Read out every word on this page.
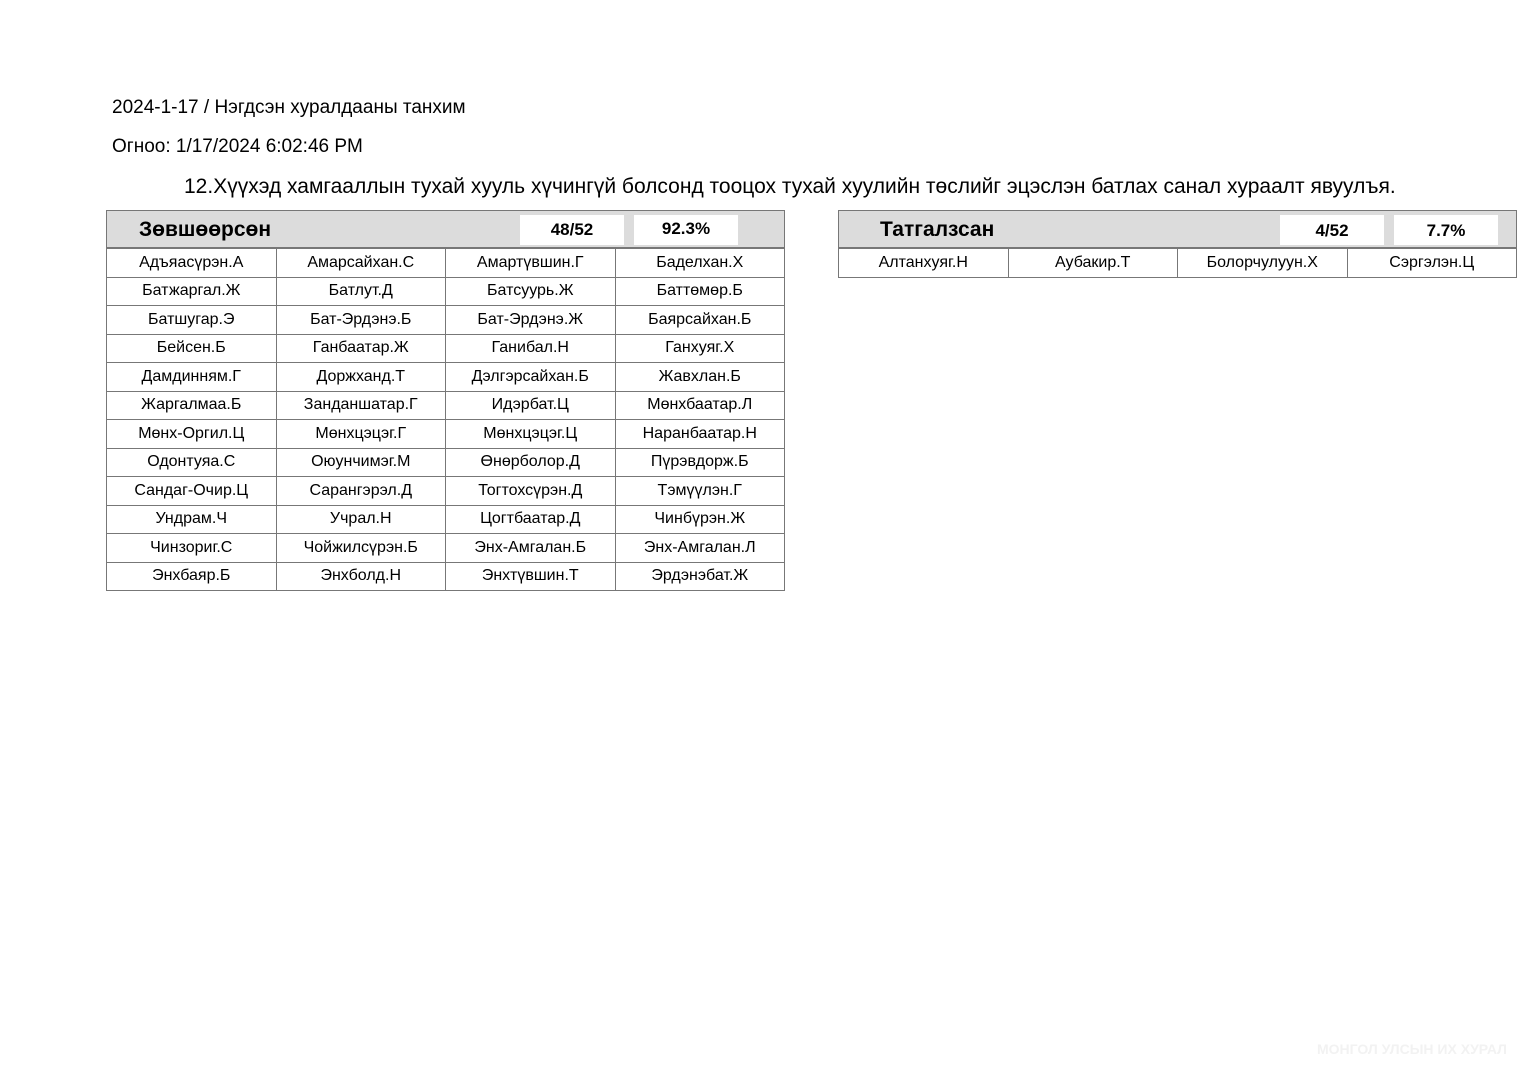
2024-1-17 / Нэгдсэн хуралдааны танхим
Огноо: 1/17/2024 6:02:46 PM
12.Хүүхэд хамгааллын тухай хууль хүчингүй болсонд тооцох тухай хуулийн төслийг эцэслэн батлах санал хураалт явуулъя.
Зөвшөөрсөн	48/52	92.3%
Адъяасүрэн.А	Амарсайхан.С	Амартүвшин.Г	Баделхан.Х
Батжаргал.Ж	Батлут.Д	Батсуурь.Ж	Баттөмөр.Б
Батшугар.Э	Бат-Эрдэнэ.Б	Бат-Эрдэнэ.Ж	Баярсайхан.Б
Бейсен.Б	Ганбаатар.Ж	Ганибал.Н	Ганхуяг.Х
Дамдинням.Г	Доржханд.Т	Дэлгэрсайхан.Б	Жавхлан.Б
Жаргалмаа.Б	Занданшатар.Г	Идэрбат.Ц	Мөнхбаатар.Л
Мөнх-Оргил.Ц	Мөнхцэцэг.Г	Мөнхцэцэг.Ц	Наранбаатар.Н
Одонтуяа.С	Оюунчимэг.М	Өнөрболор.Д	Пүрэвдорж.Б
Сандаг-Очир.Ц	Сарангэрэл.Д	Тогтохсүрэн.Д	Тэмүүлэн.Г
Ундрам.Ч	Учрал.Н	Цогтбаатар.Д	Чинбүрэн.Ж
Чинзориг.С	Чойжилсүрэн.Б	Энх-Амгалан.Б	Энх-Амгалан.Л
Энхбаяр.Б	Энхболд.Н	Энхтүвшин.Т	Эрдэнэбат.Ж
Татгалзсан	4/52	7.7%
Алтанхуяг.Н	Аубакир.Т	Болорчулуун.Х	Сэргэлэн.Ц
МОНГОЛ УЛСЫН ИХ ХУРАЛ
